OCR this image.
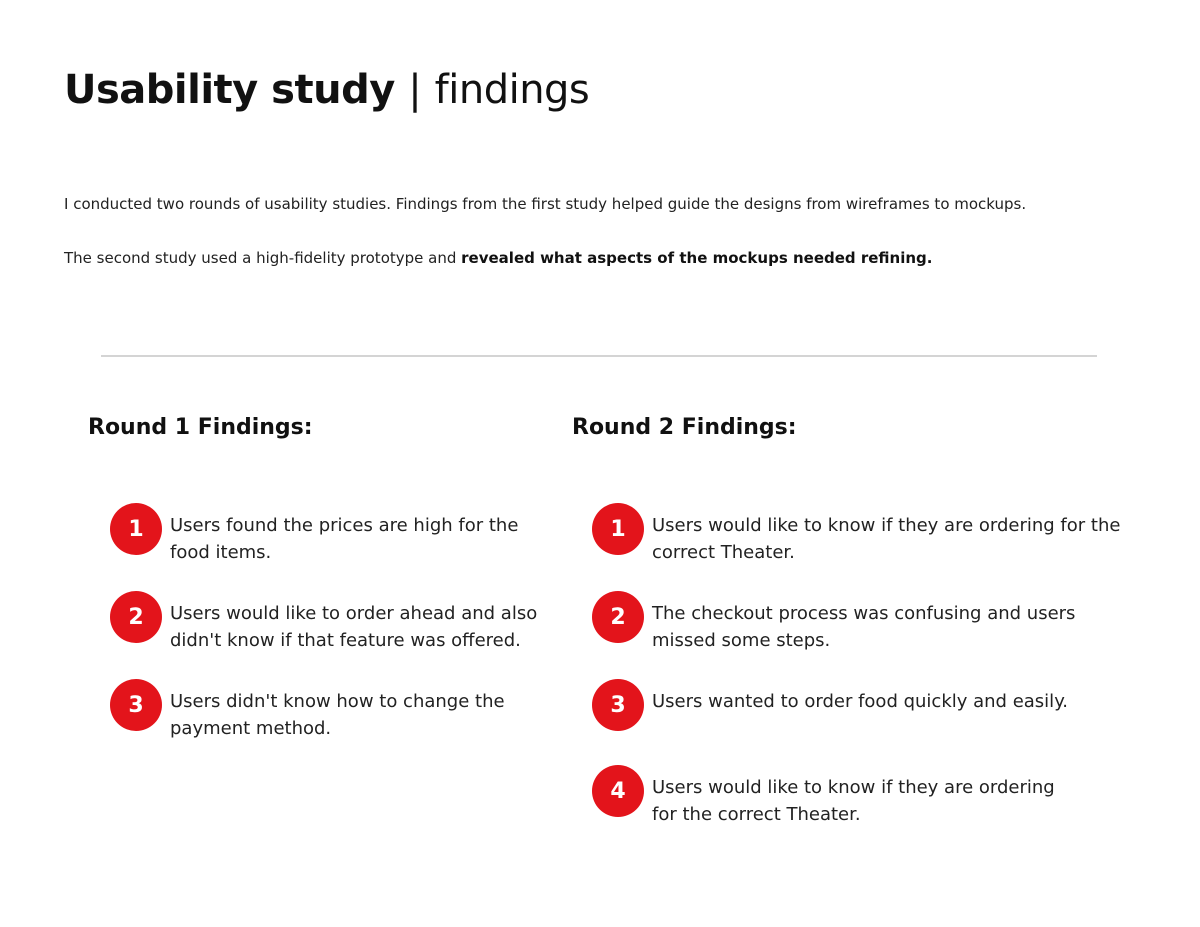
Usability study | findings

I conducted two rounds of usability studies. Findings from the first study helped guide the designs from wireframes to mockups.

The second study used a high-fidelity prototype and revealed what aspects of the mockups needed refining.

Round 1 Findings:	Round 2 Findings:
1	Users found the prices are high for the
food items.
2	Users would like to order ahead and also
didn't know if that feature was offered.
3	Users didn't know how to change the
payment method.
1	Users would like to know if they are ordering for the
correct Theater.
2	The checkout process was confusing and users
missed some steps.
3	Users wanted to order food quickly and easily.
4	Users would like to know if they are ordering
for the correct Theater.
